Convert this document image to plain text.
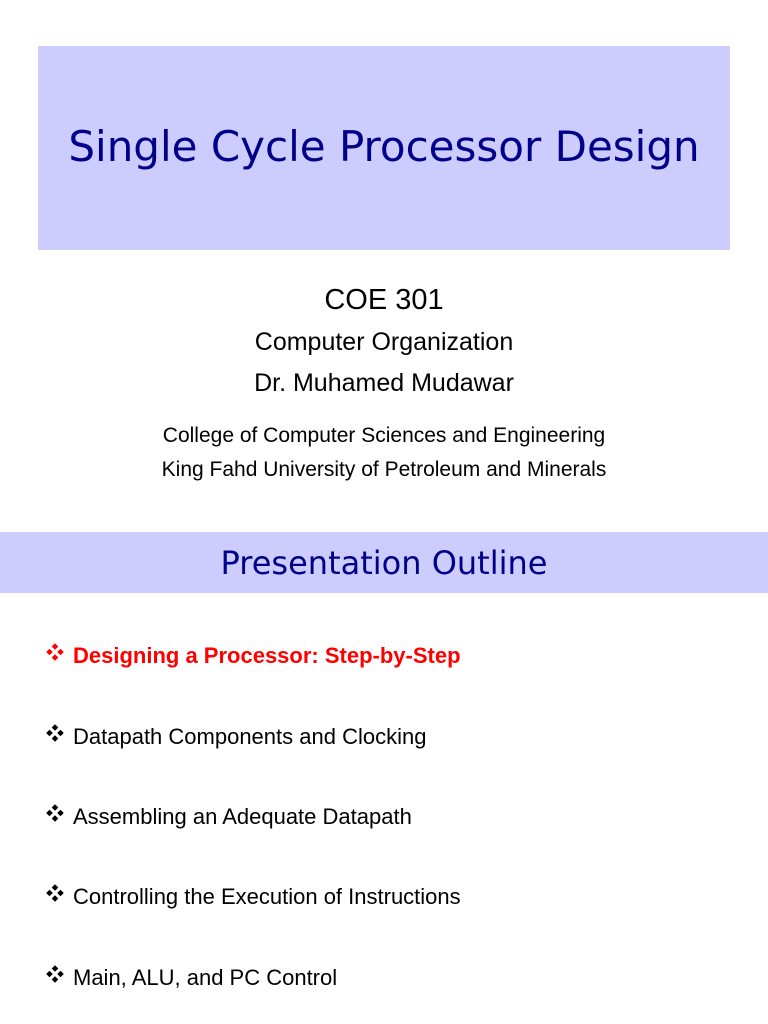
Single Cycle Processor Design
COE 301
Computer Organization
Dr. Muhamed Mudawar
College of Computer Sciences and Engineering
King Fahd University of Petroleum and Minerals
Presentation Outline
Designing a Processor: Step-by-Step
Datapath Components and Clocking
Assembling an Adequate Datapath
Controlling the Execution of Instructions
Main, ALU, and PC Control
